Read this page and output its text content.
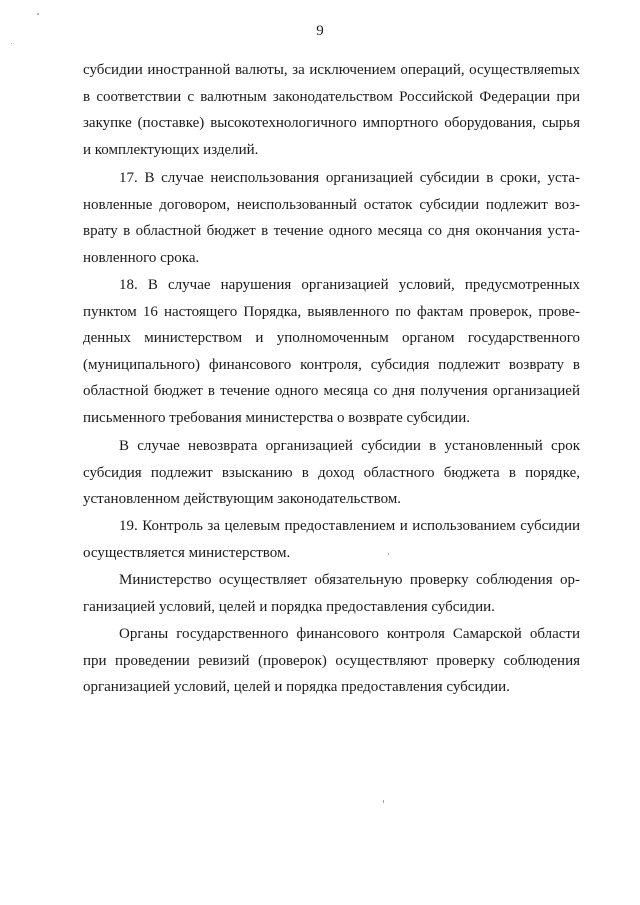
9

субсидии иностранной валюты, за исключением операций, осуществляеmых в соответствии с валютным законодательством Российской Федерации при закупке (поставке) высокотехнологичного импортного оборудования, сырья и комплектующих изделий.

17. В случае неиспользования организацией субсидии в сроки, установленные договором, неиспользованный остаток субсидии подлежит возврату в областной бюджет в течение одного месяца со дня окончания установленного срока.

18. В случае нарушения организацией условий, предусмотренных пунктом 16 настоящего Порядка, выявленного по фактам проверок, проведенных министерством и уполномоченным органом государственного (муниципального) финансового контроля, субсидия подлежит возврату в областной бюджет в течение одного месяца со дня получения организацией письменного требования министерства о возврате субсидии.

В случае невозврата организацией субсидии в установленный срок субсидия подлежит взысканию в доход областного бюджета в порядке, установленном действующим законодательством.

19. Контроль за целевым предоставлением и использованием субсидии осуществляется министерством.

Министерство осуществляет обязательную проверку соблюдения организацией условий, целей и порядка предоставления субсидии.

Органы государственного финансового контроля Самарской области при проведении ревизий (проверок) осуществляют проверку соблюдения организацией условий, целей и порядка предоставления субсидии.
